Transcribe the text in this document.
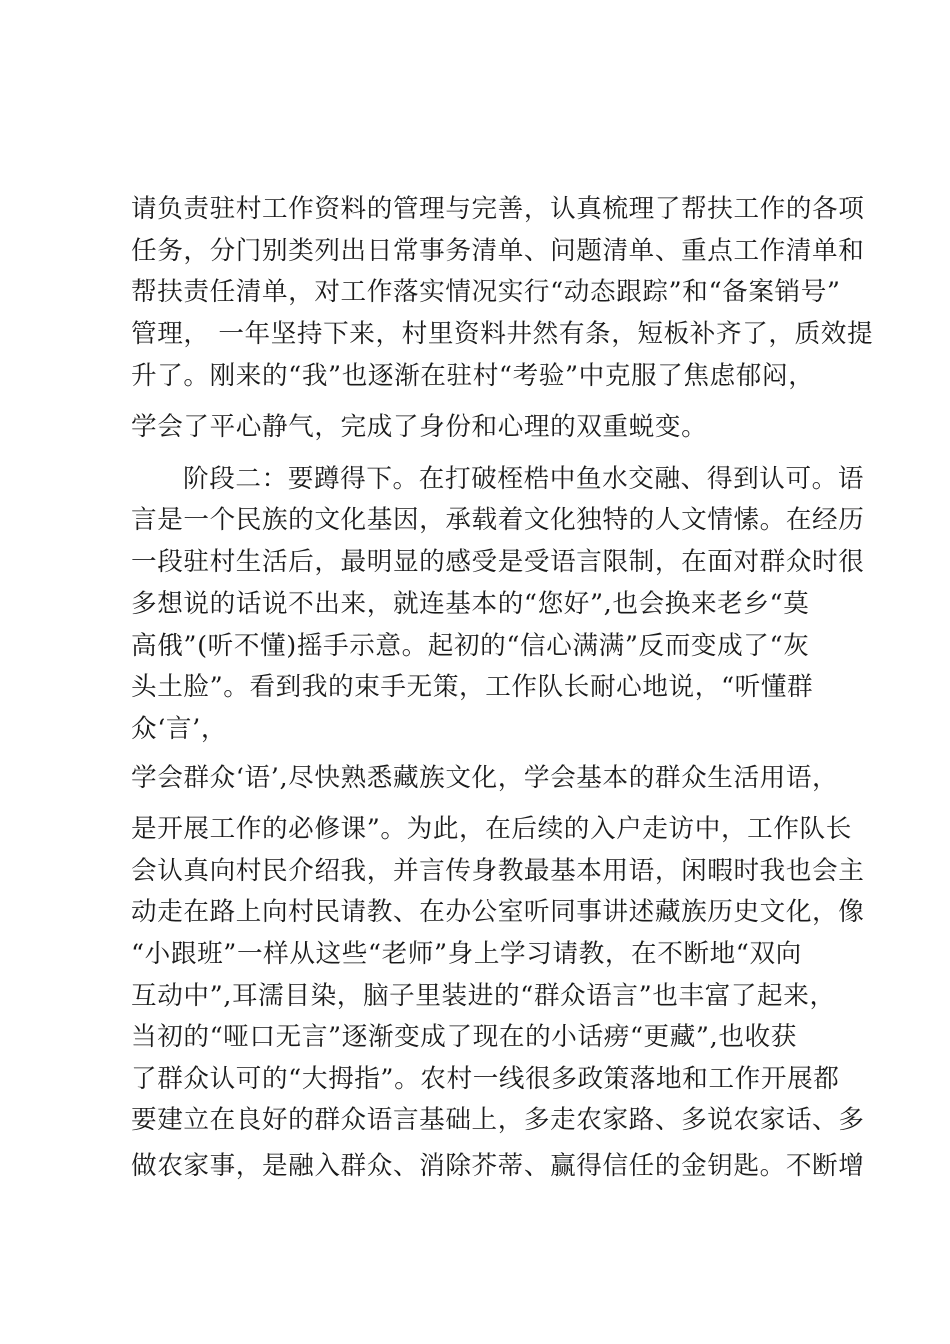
请负责驻村工作资料的管理与完善，认真梳理了帮扶工作的各项

任务，分门别类列出日常事务清单、问题清单、重点工作清单和

帮扶责任清单，对工作落实情况实行“动态跟踪”和“备案销号”

管理， 一年坚持下来，村里资料井然有条，短板补齐了，质效提

升了。刚来的“我”也逐渐在驻村“考验”中克服了焦虑郁闷，

学会了平心静气，完成了身份和心理的双重蜕变。

阶段二：要蹲得下。在打破桎梏中鱼水交融、得到认可。语

言是一个民族的文化基因，承载着文化独特的人文情愫。在经历

一段驻村生活后，最明显的感受是受语言限制，在面对群众时很

多想说的话说不出来，就连基本的“您好”,也会换来老乡“莫

高俄”(听不懂)摇手示意。起初的“信心满满”反而变成了“灰

头土脸”。看到我的束手无策，工作队长耐心地说，“听懂群

众‘言’，

学会群众‘语’,尽快熟悉藏族文化，学会基本的群众生活用语，

是开展工作的必修课”。为此，在后续的入户走访中，工作队长

会认真向村民介绍我，并言传身教最基本用语，闲暇时我也会主

动走在路上向村民请教、在办公室听同事讲述藏族历史文化，像

“小跟班”一样从这些“老师”身上学习请教，在不断地“双向

互动中”,耳濡目染，脑子里装进的“群众语言”也丰富了起来，

当初的“哑口无言”逐渐变成了现在的小话痨“更藏”,也收获

了群众认可的“大拇指”。农村一线很多政策落地和工作开展都

要建立在良好的群众语言基础上，多走农家路、多说农家话、多

做农家事，是融入群众、消除芥蒂、赢得信任的金钥匙。不断增
